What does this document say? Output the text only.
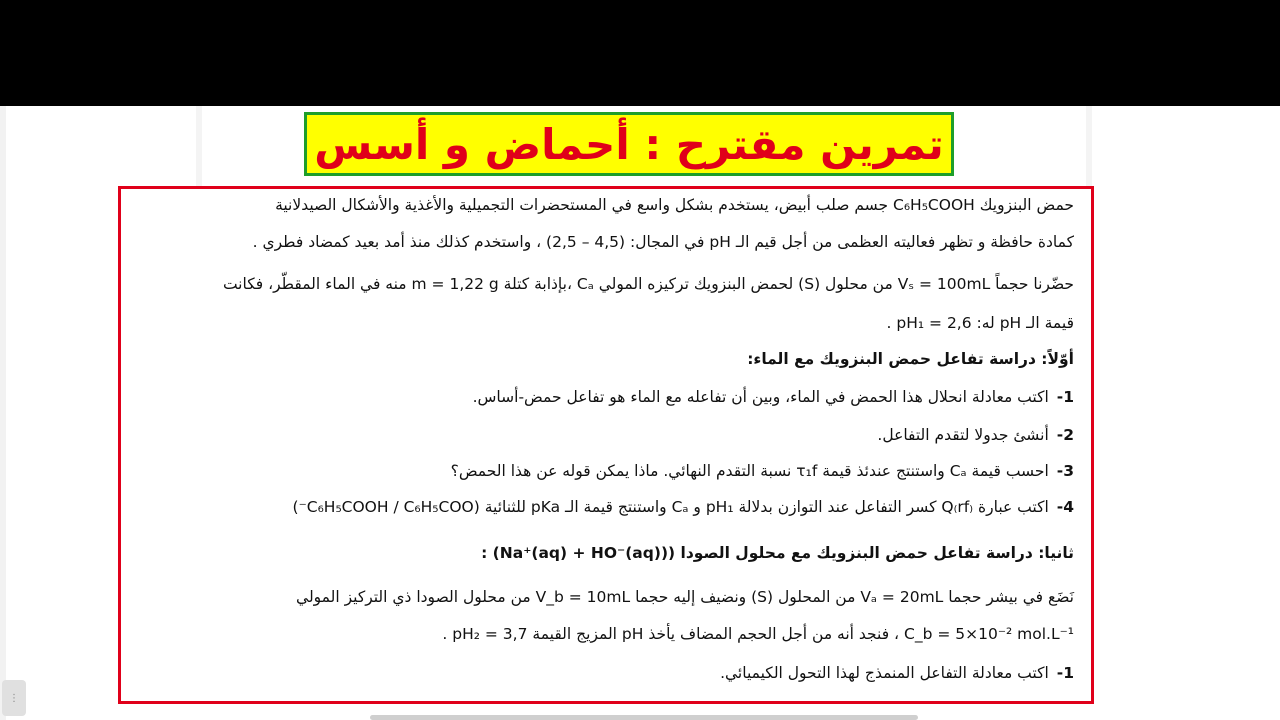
تمرين مقترح : أحماض و أسس
حمض البنزويك C₆H₅COOH جسم صلب أبيض، يستخدم بشكل واسع في المستحضرات التجميلية والأغذية والأشكال الصيدلانية
كمادة حافظة و تظهر فعاليته العظمى من أجل قيم الـ pH في المجال: (4,5 – 2,5) ، واستخدم كذلك منذ أمد بعيد كمضاد فطري .
حضّرنا حجماً Vₛ = 100mL من محلول (S) لحمض البنزويك تركيزه المولي Cₐ ،بإذابة كتلة m = 1,22 g منه في الماء المقطّر، فكانت
قيمة الـ pH له: pH₁ = 2,6 .
أوّلاً: دراسة تفاعل حمض البنزويك مع الماء:
1-اكتب معادلة انحلال هذا الحمض في الماء، وبين أن تفاعله مع الماء هو تفاعل حمض-أساس.
2-أنشئ جدولا لتقدم التفاعل.
3-احسب قيمة Cₐ واستنتج عندئذ قيمة τ₁f نسبة التقدم النهائي. ماذا يمكن قوله عن هذا الحمض؟
4-اكتب عبارة Q₍rf₎ كسر التفاعل عند التوازن بدلالة pH₁ و Cₐ واستنتج قيمة الـ pKa للثنائية (C₆H₅COOH / C₆H₅COO⁻)
ثانيا: دراسة تفاعل حمض البنزويك مع محلول الصودا ((Na⁺(aq) + HO⁻(aq)) :
نَضَع في بيشر حجما Vₐ = 20mL من المحلول (S) ونضيف إليه حجما V_b = 10mL من محلول الصودا ذي التركيز المولي
C_b = 5×10⁻² mol.L⁻¹ ، فنجد أنه من أجل الحجم المضاف يأخذ pH المزيج القيمة pH₂ = 3,7 .
1-اكتب معادلة التفاعل المنمذج لهذا التحول الكيميائي.
⋮
